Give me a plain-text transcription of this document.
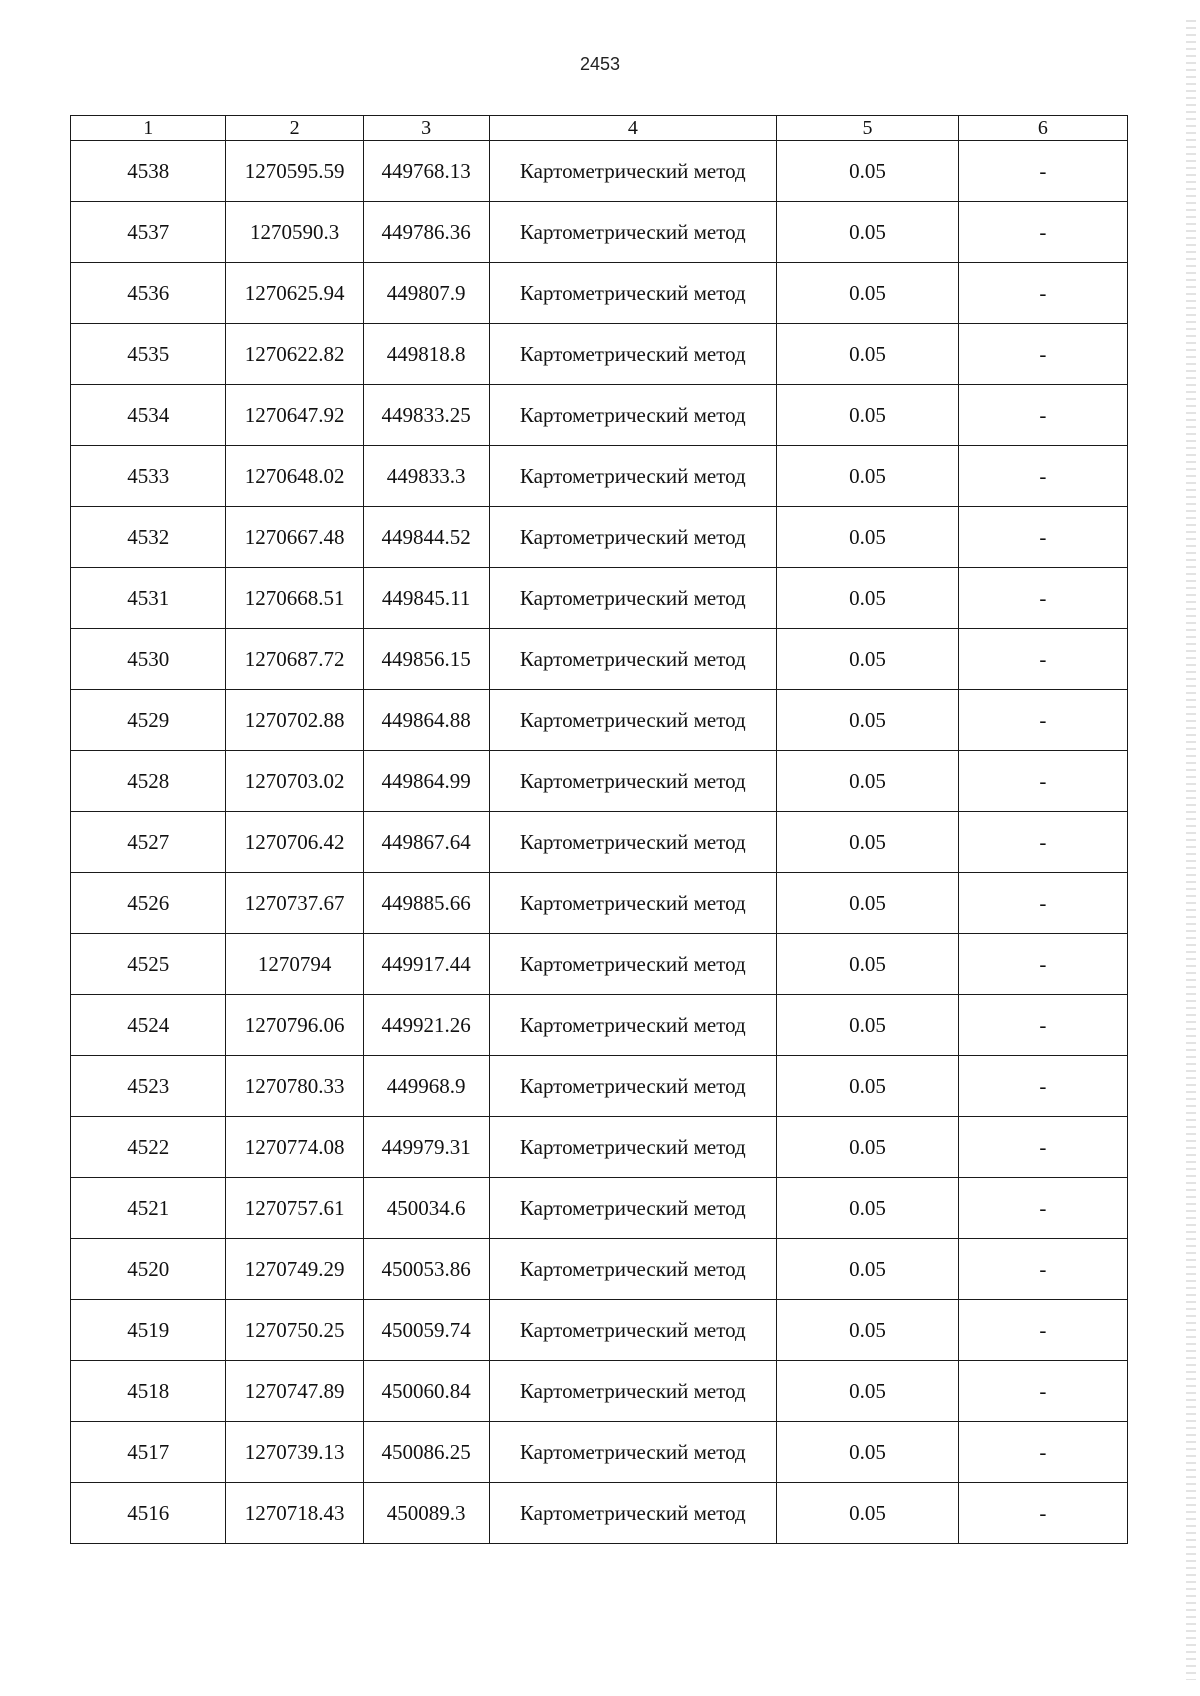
2453
1	2	3	4	5	6
4538	1270595.59	449768.13	Картометрический метод	0.05	-
4537	1270590.3	449786.36	Картометрический метод	0.05	-
4536	1270625.94	449807.9	Картометрический метод	0.05	-
4535	1270622.82	449818.8	Картометрический метод	0.05	-
4534	1270647.92	449833.25	Картометрический метод	0.05	-
4533	1270648.02	449833.3	Картометрический метод	0.05	-
4532	1270667.48	449844.52	Картометрический метод	0.05	-
4531	1270668.51	449845.11	Картометрический метод	0.05	-
4530	1270687.72	449856.15	Картометрический метод	0.05	-
4529	1270702.88	449864.88	Картометрический метод	0.05	-
4528	1270703.02	449864.99	Картометрический метод	0.05	-
4527	1270706.42	449867.64	Картометрический метод	0.05	-
4526	1270737.67	449885.66	Картометрический метод	0.05	-
4525	1270794	449917.44	Картометрический метод	0.05	-
4524	1270796.06	449921.26	Картометрический метод	0.05	-
4523	1270780.33	449968.9	Картометрический метод	0.05	-
4522	1270774.08	449979.31	Картометрический метод	0.05	-
4521	1270757.61	450034.6	Картометрический метод	0.05	-
4520	1270749.29	450053.86	Картометрический метод	0.05	-
4519	1270750.25	450059.74	Картометрический метод	0.05	-
4518	1270747.89	450060.84	Картометрический метод	0.05	-
4517	1270739.13	450086.25	Картометрический метод	0.05	-
4516	1270718.43	450089.3	Картометрический метод	0.05	-
